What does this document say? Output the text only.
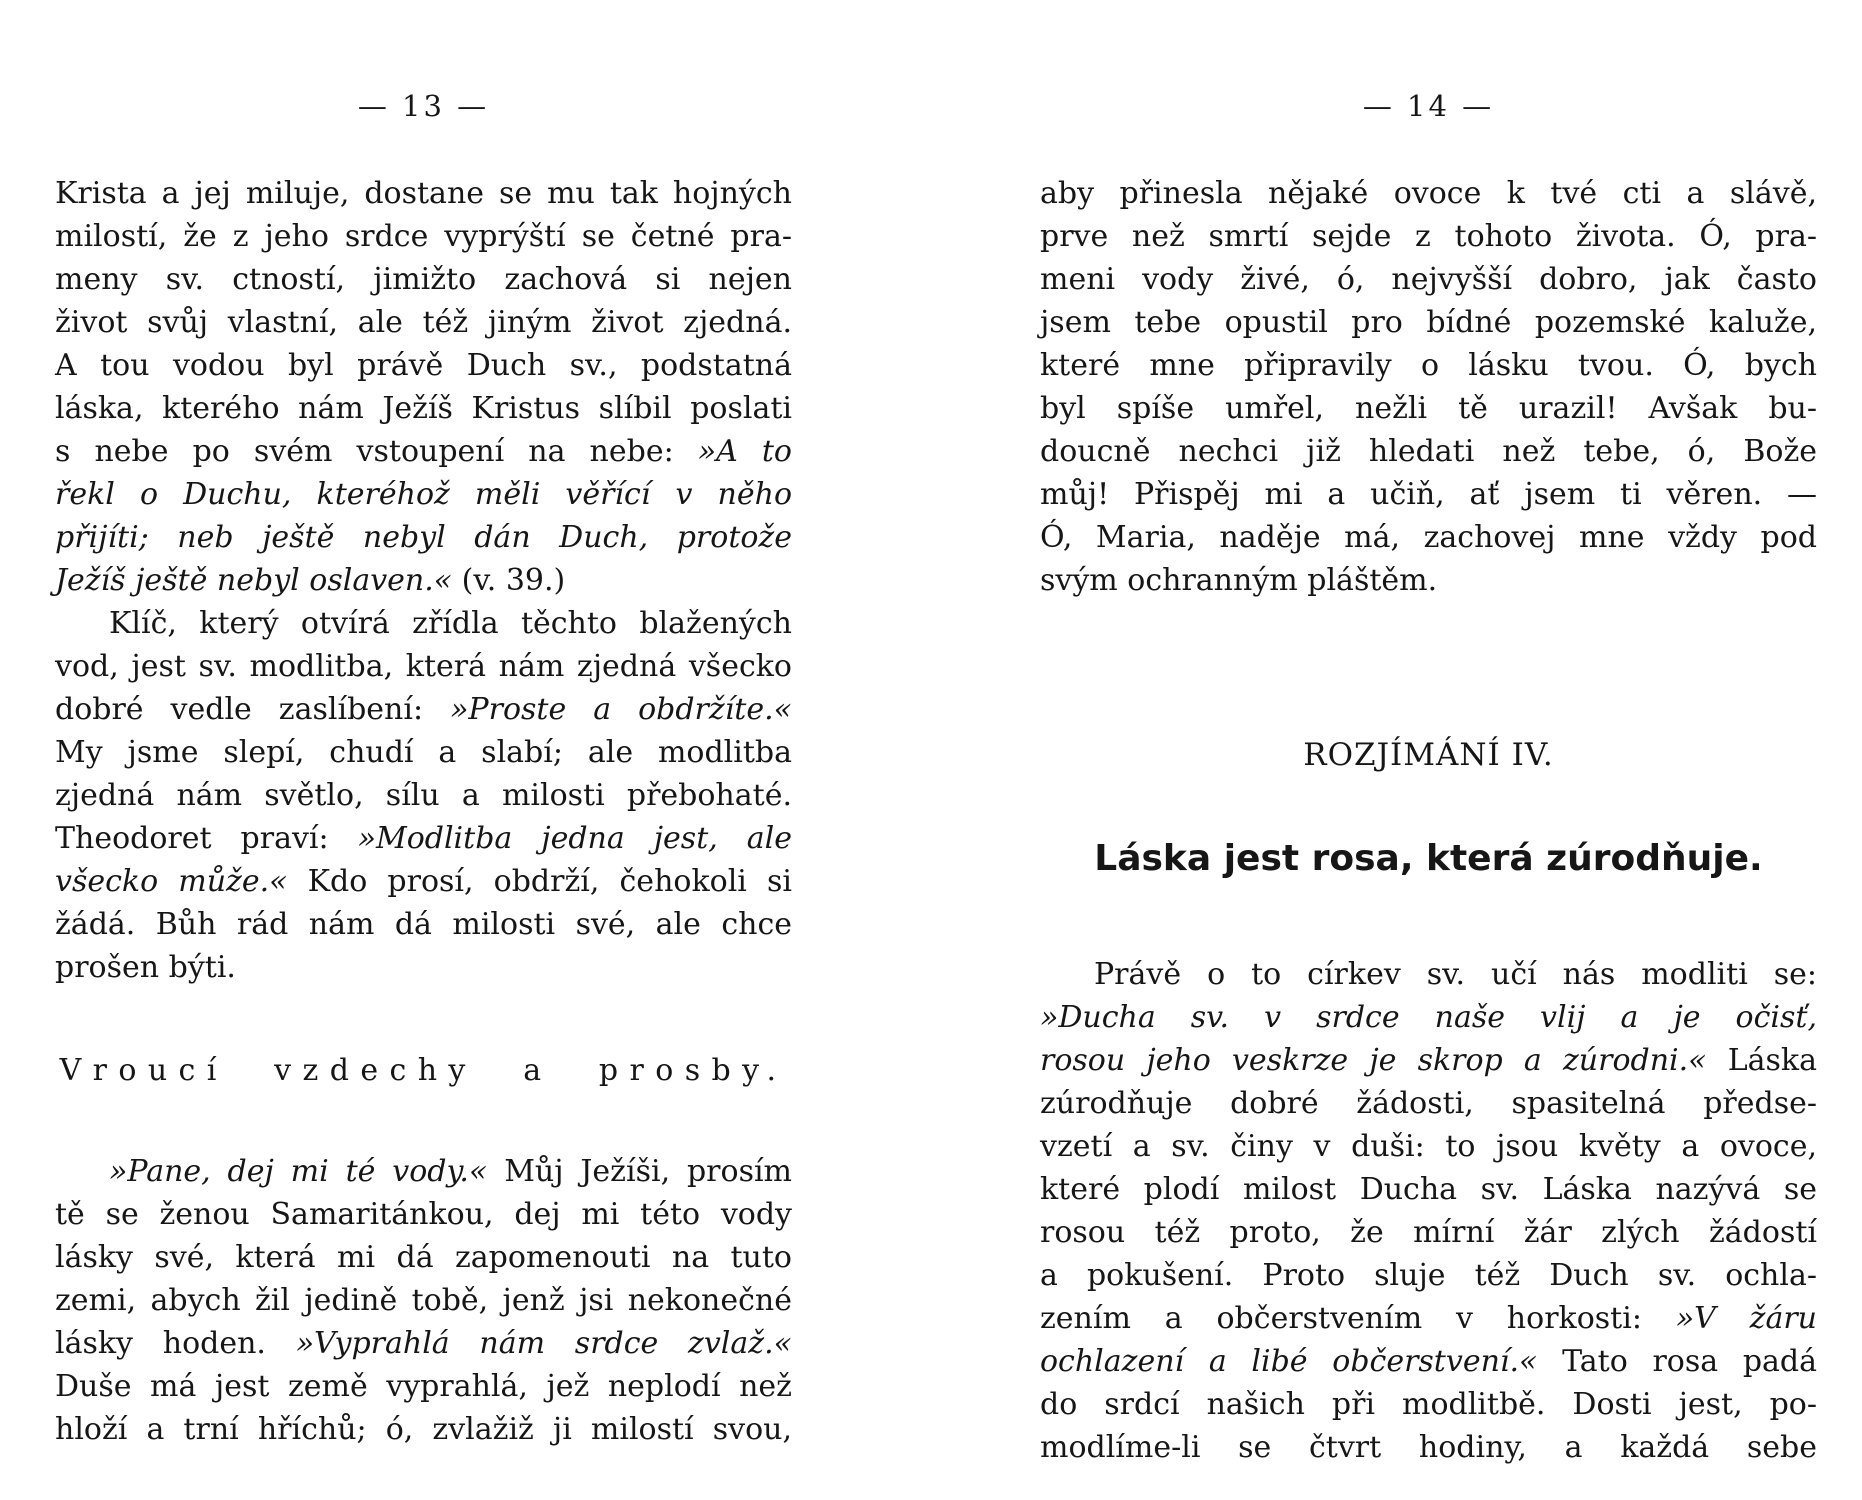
— 13 —
Krista a jej miluje, dostane se mu tak hojných
milostí, že z jeho srdce vyprýští se četné pra-
meny sv. ctností, jimižto zachová si nejen
život svůj vlastní, ale též jiným život zjedná.
A tou vodou byl právě Duch sv., podstatná
láska, kterého nám Ježíš Kristus slíbil poslati
s nebe po svém vstoupení na nebe: »A to
řekl o Duchu, kteréhož měli věřící v něho
přijíti; neb ještě nebyl dán Duch, protože
Ježíš ještě nebyl oslaven.« (v. 39.)
Klíč, který otvírá zřídla těchto blažených
vod, jest sv. modlitba, která nám zjedná všecko
dobré vedle zaslíbení: »Proste a obdržíte.«
My jsme slepí, chudí a slabí; ale modlitba
zjedná nám světlo, sílu a milosti přebohaté.
Theodoret praví: »Modlitba jedna jest, ale
všecko může.« Kdo prosí, obdrží, čehokoli si
žádá. Bůh rád nám dá milosti své, ale chce
prošen býti.
Vroucí vzdechy a prosby.
»Pane, dej mi té vody.« Můj Ježíši, prosím
tě se ženou Samaritánkou, dej mi této vody
lásky své, která mi dá zapomenouti na tuto
zemi, abych žil jedině tobě, jenž jsi nekonečné
lásky hoden. »Vyprahlá nám srdce zvlaž.«
Duše má jest země vyprahlá, jež neplodí než
hloží a trní hříchů; ó, zvlažiž ji milostí svou,
— 14 —
aby přinesla nějaké ovoce k tvé cti a slávě,
prve než smrtí sejde z tohoto života. Ó, pra-
meni vody živé, ó, nejvyšší dobro, jak často
jsem tebe opustil pro bídné pozemské kaluže,
které mne připravily o lásku tvou. Ó, bych
byl spíše umřel, nežli tě urazil! Avšak bu-
doucně nechci již hledati než tebe, ó, Bože
můj! Přispěj mi a učiň, ať jsem ti věren. —
Ó, Maria, naděje má, zachovej mne vždy pod
svým ochranným pláštěm.
ROZJÍMÁNÍ IV.
Láska jest rosa, která zúrodňuje.
Právě o to církev sv. učí nás modliti se:
»Ducha sv. v srdce naše vlij a je očisť,
rosou jeho veskrze je skrop a zúrodni.« Láska
zúrodňuje dobré žádosti, spasitelná předse-
vzetí a sv. činy v duši: to jsou květy a ovoce,
které plodí milost Ducha sv. Láska nazývá se
rosou též proto, že mírní žár zlých žádostí
a pokušení. Proto sluje též Duch sv. ochla-
zením a občerstvením v horkosti: »V žáru
ochlazení a libé občerstvení.« Tato rosa padá
do srdcí našich při modlitbě. Dosti jest, po-
modlíme-li se čtvrt hodiny, a každá sebe
